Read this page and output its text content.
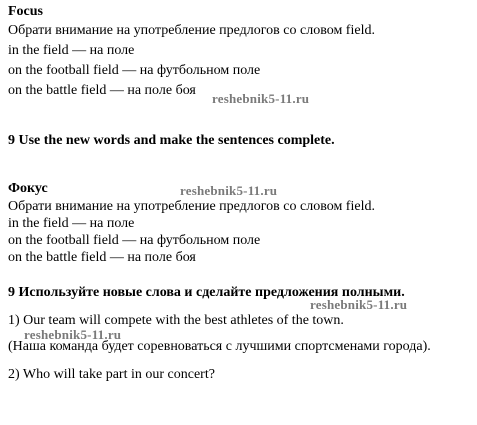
Focus
Обрати внимание на употребление предлогов со словом field.
in the field — на поле
on the football field — на футбольном поле
on the battle field — на поле боя
reshebnik5-11.ru
9 Use the new words and make the sentences complete.
Фокус	reshebnik5-11.ru
Обрати внимание на употребление предлогов со словом field.
in the field — на поле
on the football field — на футбольном поле
on the battle field — на поле боя
9 Используйте новые слова и сделайте предложения полными.
reshebnik5-11.ru
1) Our team will compete with the best athletes of the town.
reshebnik5-11.ru
(Наша команда будет соревноваться с лучшими спортсменами города).
2) Who will take part in our concert?
